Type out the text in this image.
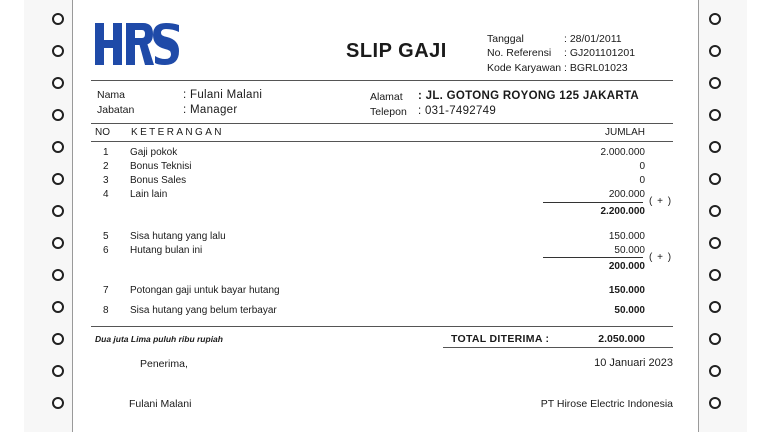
SLIP GAJI
Tanggal	: 28/01/2011
No. Referensi : GJ201101201
Kode Karyawan : BGRL01023
Nama	: Fulani Malani
Jabatan	: Manager
Alamat : JL. GOTONG ROYONG 125 JAKARTA
Telepon : 031-7492749
NO KETERANGAN	JUMLAH
1	Gaji pokok	2.000.000
2	Bonus Teknisi	0
3	Bonus Sales	0
4	Lain lain	200.000
( + )
2.200.000
5	Sisa hutang yang lalu	150.000
6	Hutang bulan ini	50.000
( + )
200.000
7	Potongan gaji untuk bayar hutang	150.000
8	Sisa hutang yang belum terbayar	50.000
Dua juta Lima puluh ribu rupiah	TOTAL DITERIMA :	2.050.000
Penerima,	10 Januari 2023
Fulani Malani	PT Hirose Electric Indonesia
